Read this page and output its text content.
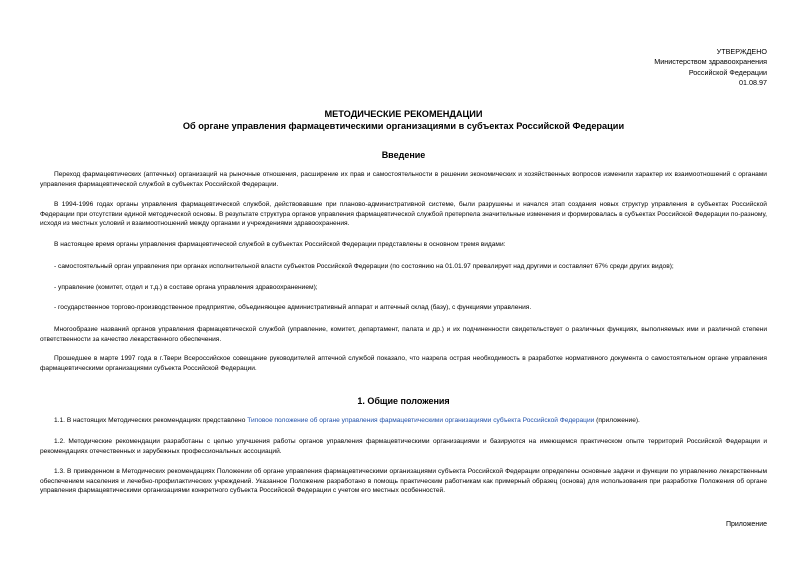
УТВЕРЖДЕНО
Министерством здравоохранения
Российской Федерации
01.08.97
МЕТОДИЧЕСКИЕ РЕКОМЕНДАЦИИ
Об органе управления фармацевтическими организациями в субъектах Российской Федерации
Введение

Переход фармацевтических (аптечных) организаций на рыночные отношения, расширение их прав и самостоятельности в решении экономических и хозяйственных вопросов изменили характер их взаимоотношений с органами управления фармацевтической службой в субъектах Российской Федерации.

В 1994-1996 годах органы управления фармацевтической службой, действовавшие при планово-административной системе, были разрушены и начался этап создания новых структур управления в субъектах Российской Федерации при отсутствии единой методической основы. В результате структура органов управления фармацевтической службой претерпела значительные изменения и формировалась в субъектах Российской Федерации по-разному, исходя из местных условий и взаимоотношений между органами и учреждениями здравоохранения.

В настоящее время органы управления фармацевтической службой в субъектах Российской Федерации представлены в основном тремя видами:

- самостоятельный орган управления при органах исполнительной власти субъектов Российской Федерации (по состоянию на 01.01.97 превалирует над другими и составляет 67% среди других видов);

- управление (комитет, отдел и т.д.) в составе органа управления здравоохранением);

- государственное торгово-производственное предприятие, объединяющее административный аппарат и аптечный склад (базу), с функциями управления.

Многообразие названий органов управления фармацевтической службой (управление, комитет, департамент, палата и др.) и их подчиненности свидетельствует о различных функциях, выполняемых ими и различной степени ответственности за качество лекарственного обеспечения.

Прошедшее в марте 1997 года в г.Твери Всероссийское совещание руководителей аптечной службой показало, что назрела острая необходимость в разработке нормативного документа о самостоятельном органе управления фармацевтическими организациями субъекта Российской Федерации.

1. Общие положения

1.1. В настоящих Методических рекомендациях представлено Типовое положение об органе управления фармацевтическими организациями субъекта Российской Федерации (приложение).

1.2. Методические рекомендации разработаны с целью улучшения работы органов управления фармацевтическими организациями и базируются на имеющемся практическом опыте территорий Российской Федерации и рекомендациях отечественных и зарубежных профессиональных ассоциаций.

1.3. В приведенном в Методических рекомендациях Положении об органе управления фармацевтическими организациями субъекта Российской Федерации определены основные задачи и функции по управлению лекарственным обеспечением населения и лечебно-профилактических учреждений. Указанное Положение разработано в помощь практическим работникам как примерный образец (основа) для использования при разработке Положения об органе управления фармацевтическими организациями конкретного субъекта Российской Федерации с учетом его местных особенностей.

Приложение
